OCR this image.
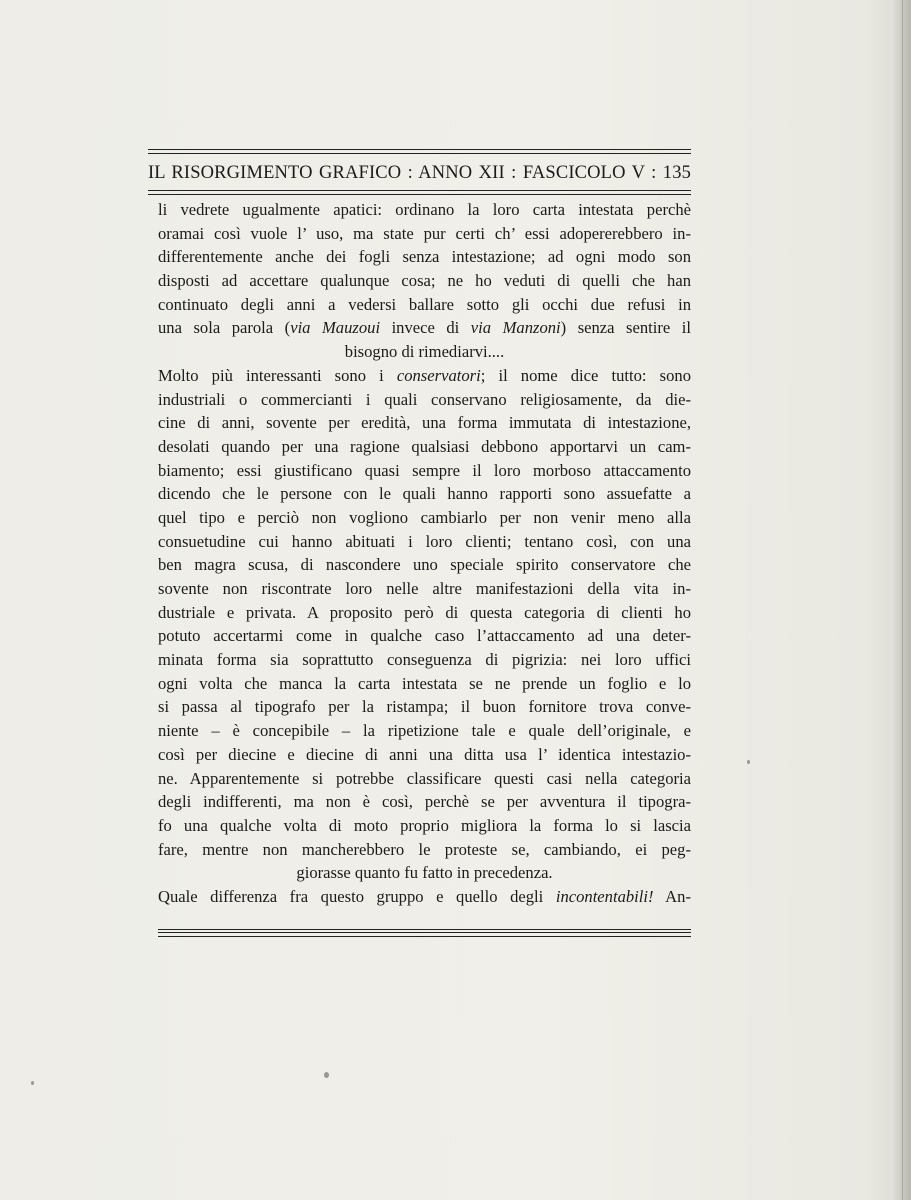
IL RISORGIMENTO GRAFICO : ANNO XII : FASCICOLO V : 135
li vedrete ugualmente apatici: ordinano la loro carta intestata perchè
oramai così vuole l’ uso, ma state pur certi ch’ essi adopererebbero in-
differentemente anche dei fogli senza intestazione; ad ogni modo son
disposti ad accettare qualunque cosa; ne ho veduti di quelli che han
continuato degli anni a vedersi ballare sotto gli occhi due refusi in
una sola parola (via Mauzoui invece di via Manzoni) senza sentire il
bisogno di rimediarvi....
Molto più interessanti sono i conservatori; il nome dice tutto: sono
industriali o commercianti i quali conservano religiosamente, da die-
cine di anni, sovente per eredità, una forma immutata di intestazione,
desolati quando per una ragione qualsiasi debbono apportarvi un cam-
biamento; essi giustificano quasi sempre il loro morboso attaccamento
dicendo che le persone con le quali hanno rapporti sono assuefatte a
quel tipo e perciò non vogliono cambiarlo per non venir meno alla
consuetudine cui hanno abituati i loro clienti; tentano così, con una
ben magra scusa, di nascondere uno speciale spirito conservatore che
sovente non riscontrate loro nelle altre manifestazioni della vita in-
dustriale e privata. A proposito però di questa categoria di clienti ho
potuto accertarmi come in qualche caso l’attaccamento ad una deter-
minata forma sia soprattutto conseguenza di pigrizia: nei loro uffici
ogni volta che manca la carta intestata se ne prende un foglio e lo
si passa al tipografo per la ristampa; il buon fornitore trova conve-
niente – è concepibile – la ripetizione tale e quale dell’originale, e
così per diecine e diecine di anni una ditta usa l’ identica intestazio-
ne. Apparentemente si potrebbe classificare questi casi nella categoria
degli indifferenti, ma non è così, perchè se per avventura il tipogra-
fo una qualche volta di moto proprio migliora la forma lo si lascia
fare, mentre non mancherebbero le proteste se, cambiando, ei peg-
giorasse quanto fu fatto in precedenza.
Quale differenza fra questo gruppo e quello degli incontentabili! An-
